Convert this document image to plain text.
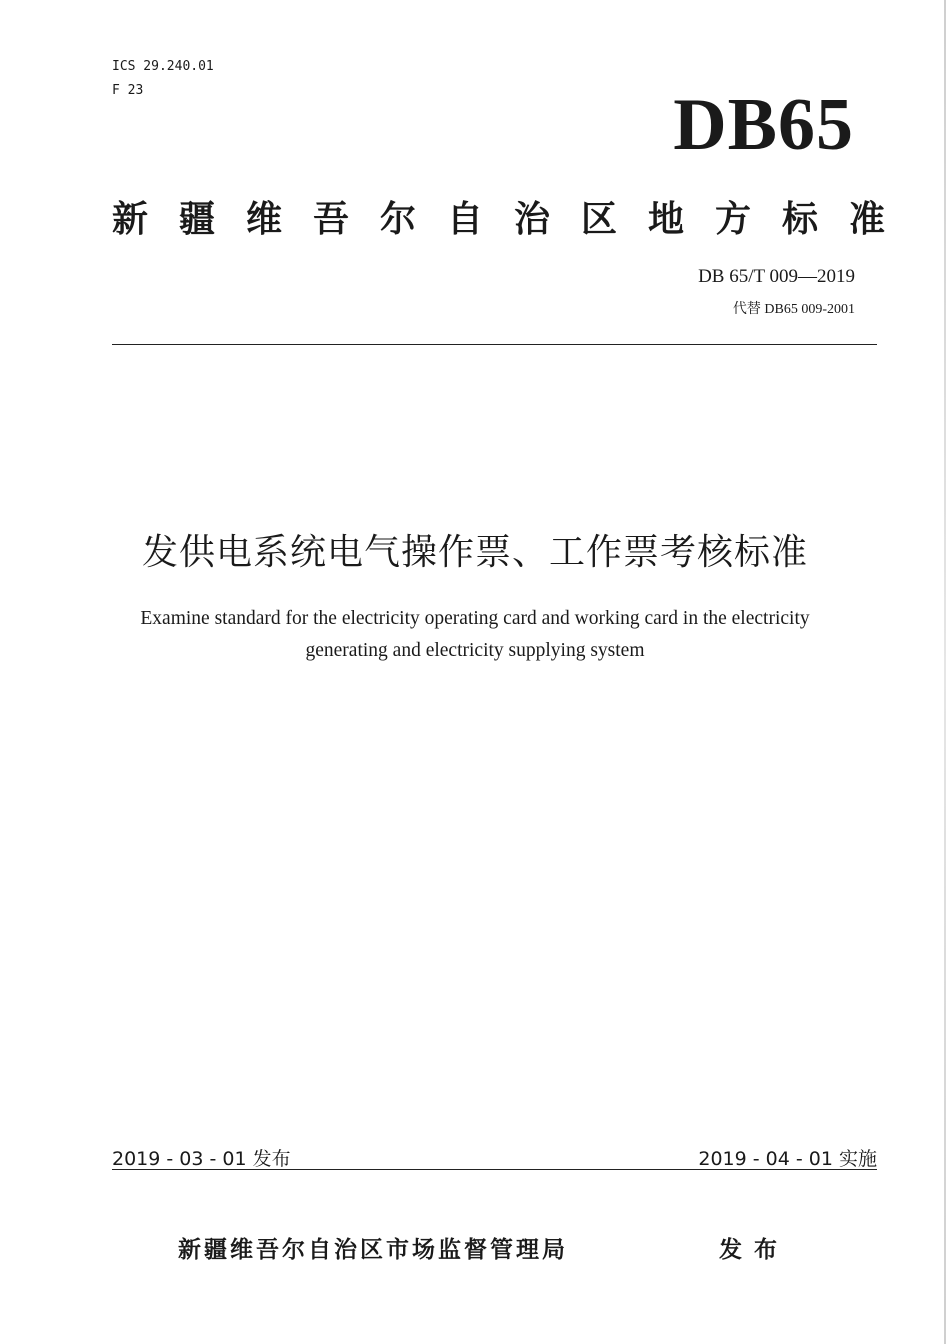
ICS 29.240.01
F 23	DB65
新疆维吾尔自治区地方标准
DB 65/T 009—2019
代替 DB65 009-2001
发供电系统电气操作票、工作票考核标准
Examine standard for the electricity operating card and working card in the electricity
generating and electricity supplying system
2019 - 03 - 01 发布	2019 - 04 - 01 实施
新疆维吾尔自治区市场监督管理局	发布
